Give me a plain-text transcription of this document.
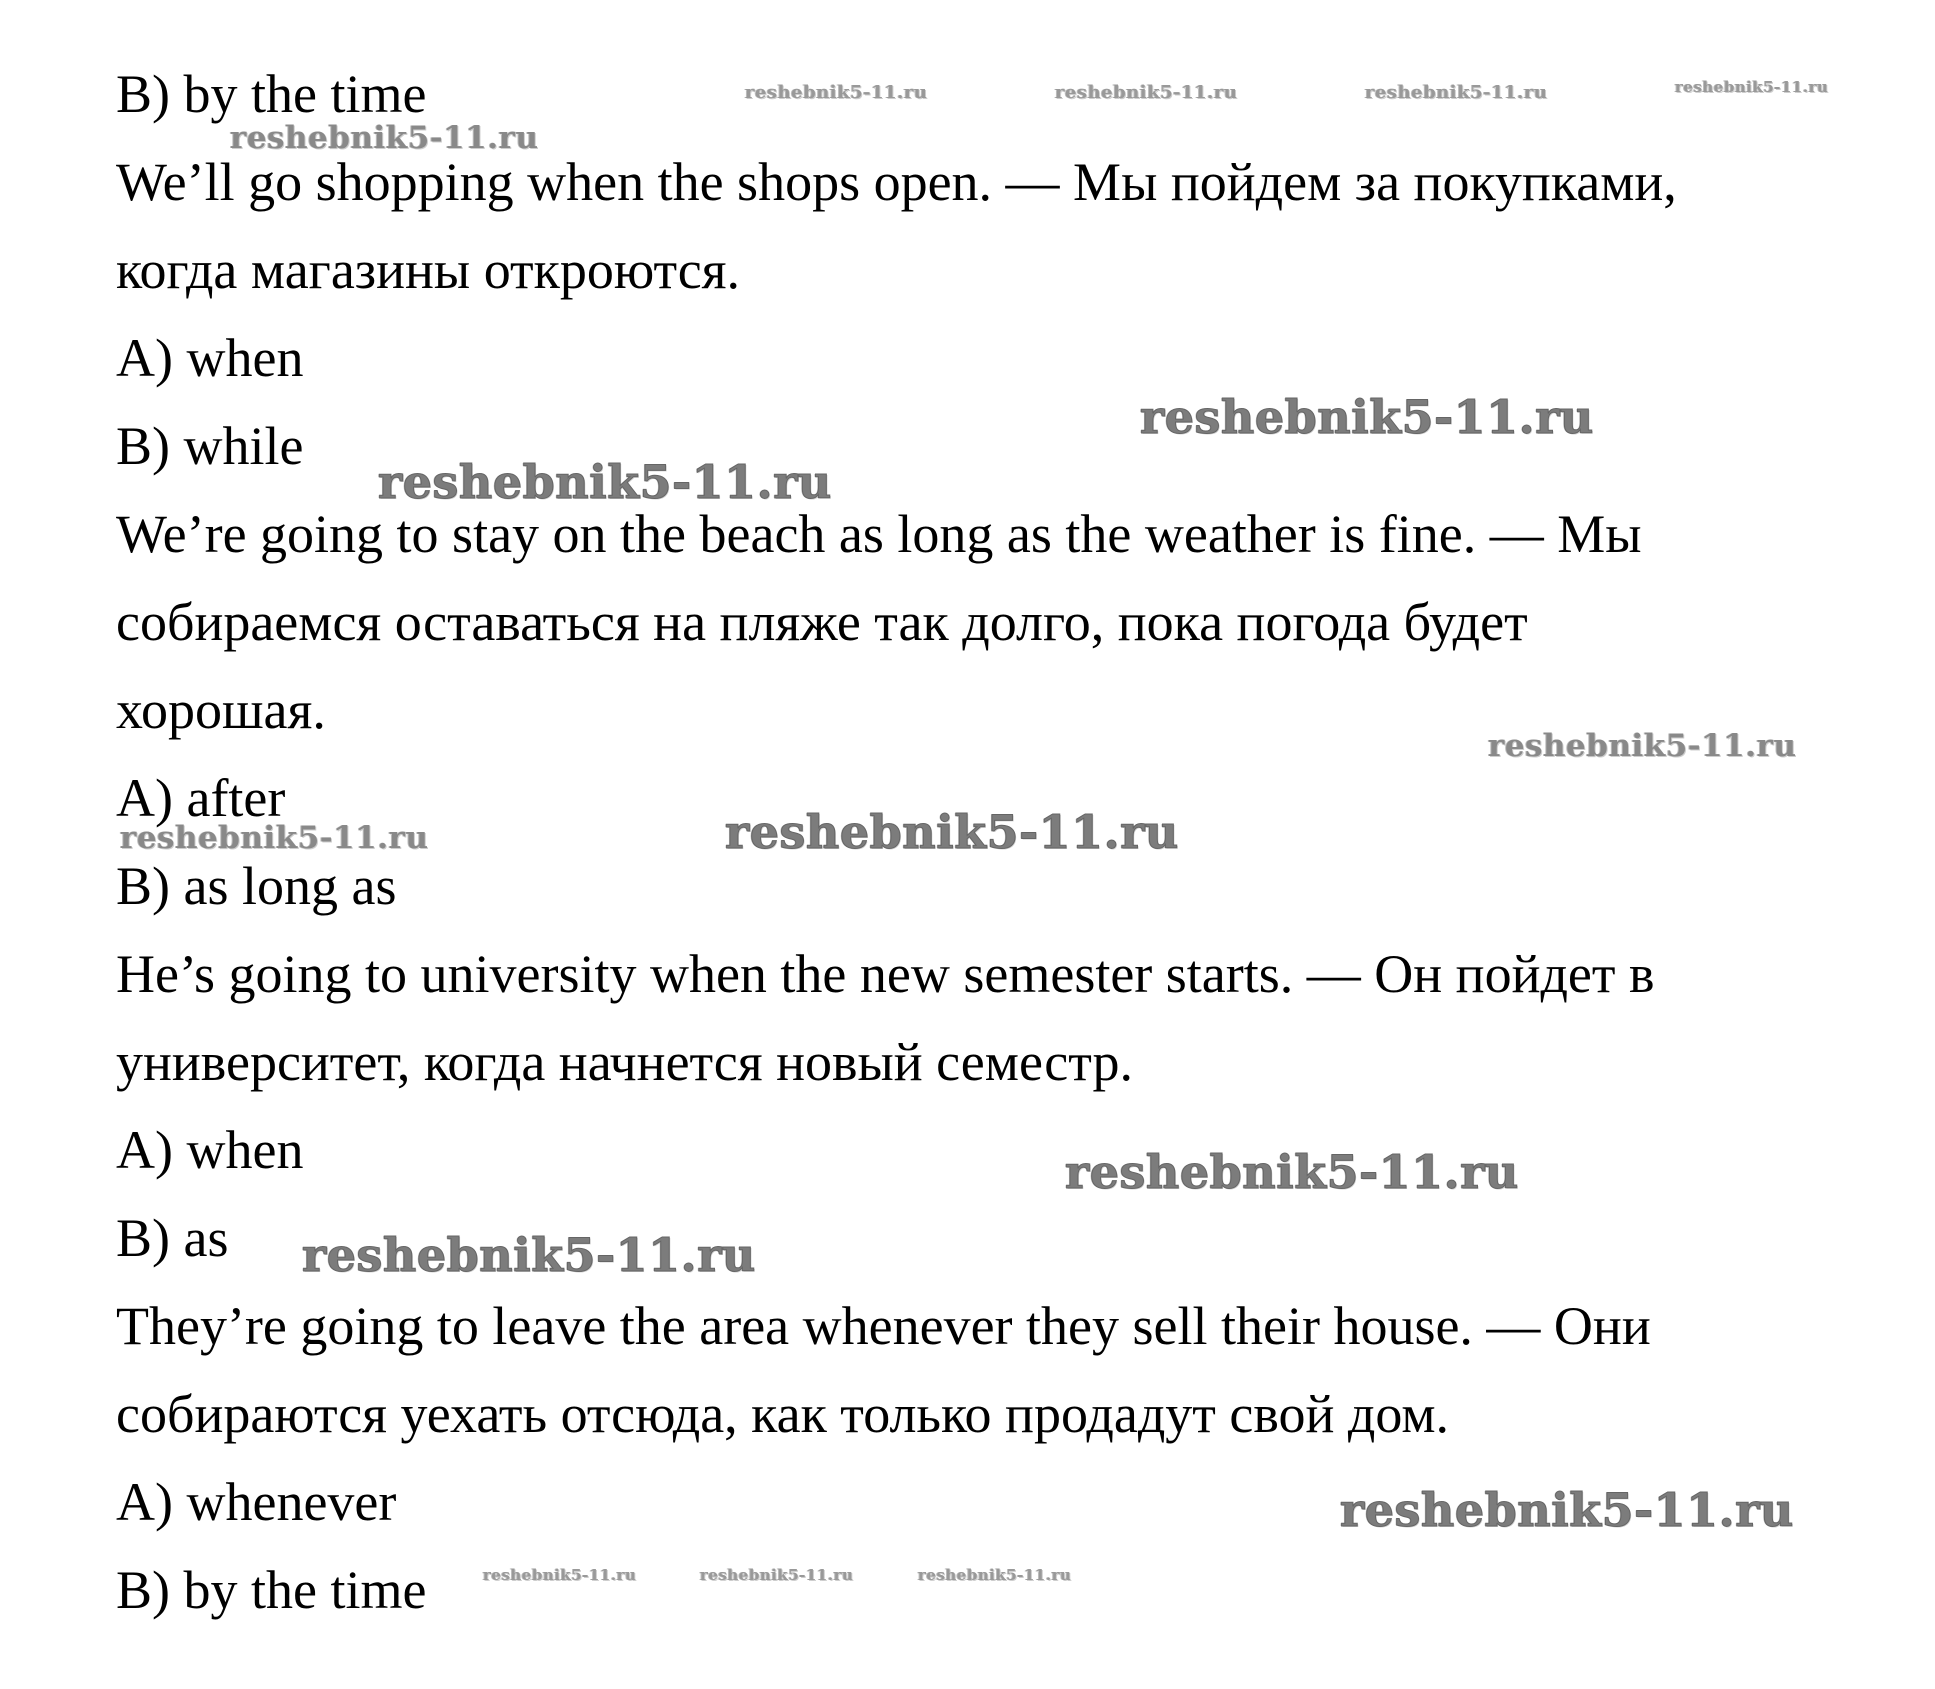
B) by the time

We’ll go shopping when the shops open. — Мы пойдем за покупками,

когда магазины откроются.

A) when

B) while

We’re going to stay on the beach as long as the weather is fine. — Мы

собираемся оставаться на пляже так долго, пока погода будет

хорошая.

A) after

B) as long as

He’s going to university when the new semester starts. — Он пойдет в

университет, когда начнется новый семестр.

A) when

B) as

They’re going to leave the area whenever they sell their house. — Они

собираются уехать отсюда, как только продадут свой дом.

A) whenever

B) by the time

reshebnik5-11.ru	reshebnik5-11.ru	reshebnik5-11.ru	reshebnik5-11.ru
reshebnik5-11.ru
reshebnik5-11.ru
reshebnik5-11.ru
reshebnik5-11.ru
reshebnik5-11.ru	reshebnik5-11.ru
reshebnik5-11.ru
reshebnik5-11.ru
reshebnik5-11.ru
reshebnik5-11.ru	reshebnik5-11.ru	reshebnik5-11.ru
